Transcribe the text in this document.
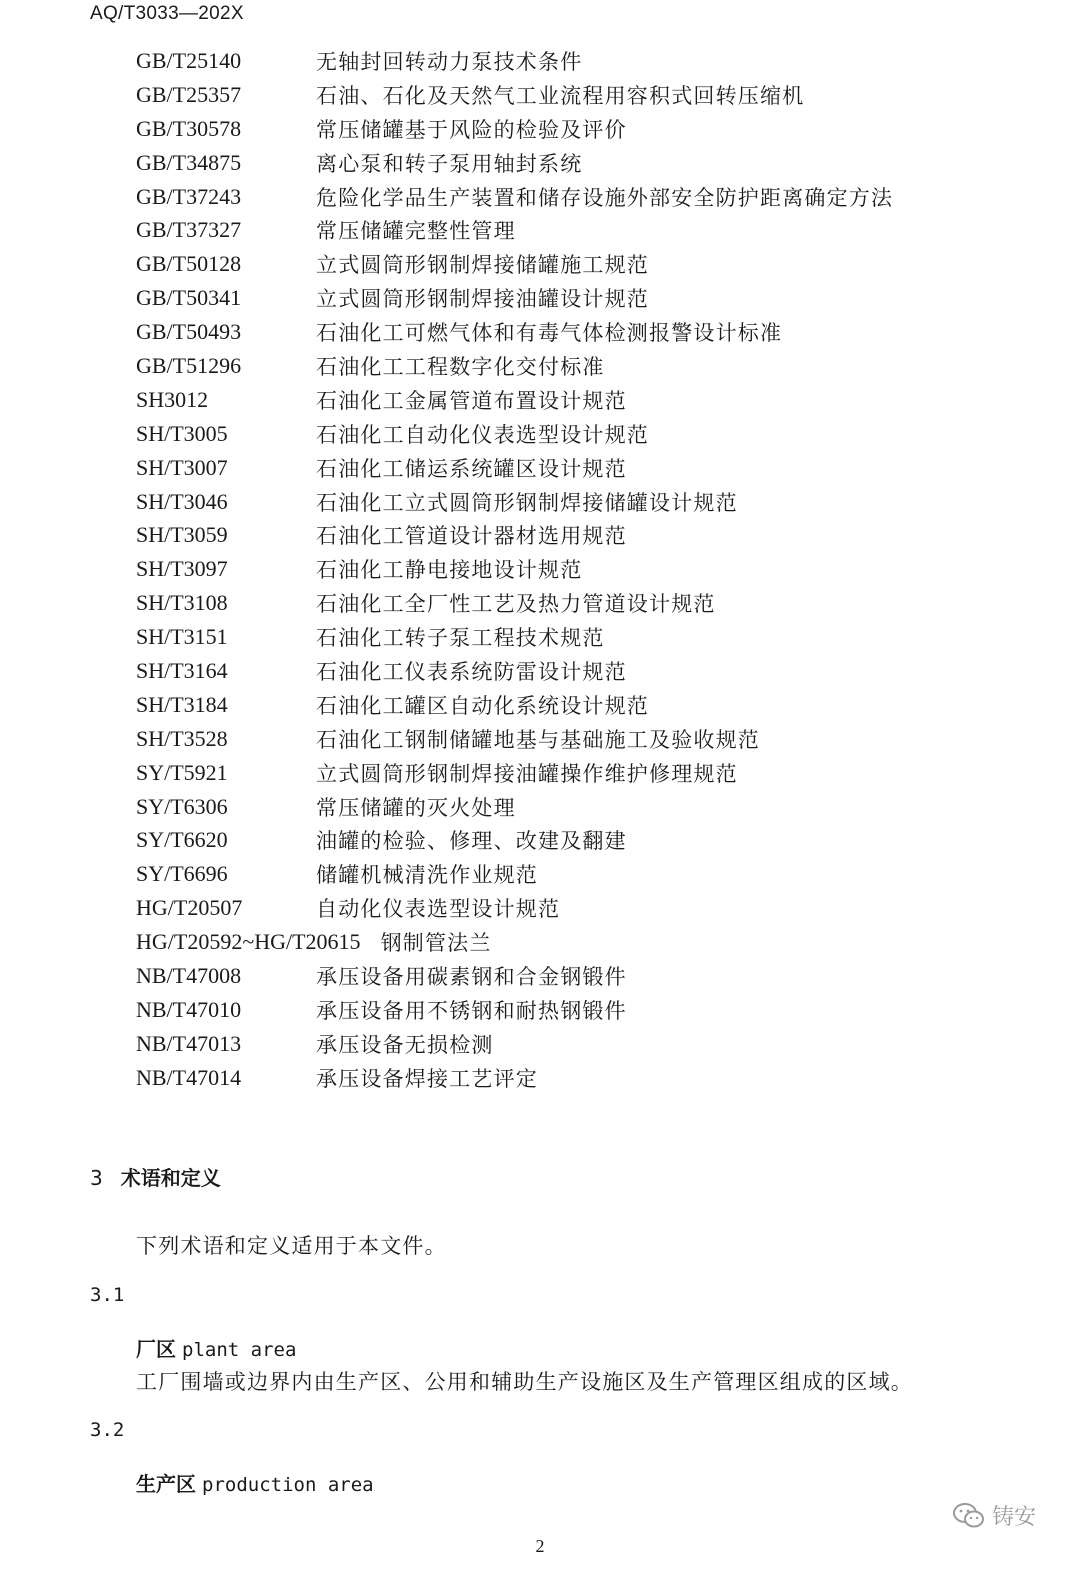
AQ/T3033—202X
GB/T25140	无轴封回转动力泵技术条件
GB/T25357	石油、石化及天然气工业流程用容积式回转压缩机
GB/T30578	常压储罐基于风险的检验及评价
GB/T34875	离心泵和转子泵用轴封系统
GB/T37243	危险化学品生产装置和储存设施外部安全防护距离确定方法
GB/T37327	常压储罐完整性管理
GB/T50128	立式圆筒形钢制焊接储罐施工规范
GB/T50341	立式圆筒形钢制焊接油罐设计规范
GB/T50493	石油化工可燃气体和有毒气体检测报警设计标准
GB/T51296	石油化工工程数字化交付标准
SH3012	石油化工金属管道布置设计规范
SH/T3005	石油化工自动化仪表选型设计规范
SH/T3007	石油化工储运系统罐区设计规范
SH/T3046	石油化工立式圆筒形钢制焊接储罐设计规范
SH/T3059	石油化工管道设计器材选用规范
SH/T3097	石油化工静电接地设计规范
SH/T3108	石油化工全厂性工艺及热力管道设计规范
SH/T3151	石油化工转子泵工程技术规范
SH/T3164	石油化工仪表系统防雷设计规范
SH/T3184	石油化工罐区自动化系统设计规范
SH/T3528	石油化工钢制储罐地基与基础施工及验收规范
SY/T5921	立式圆筒形钢制焊接油罐操作维护修理规范
SY/T6306	常压储罐的灭火处理
SY/T6620	油罐的检验、修理、改建及翻建
SY/T6696	储罐机械清洗作业规范
HG/T20507	自动化仪表选型设计规范
HG/T20592~HG/T20615 钢制管法兰
NB/T47008	承压设备用碳素钢和合金钢锻件
NB/T47010	承压设备用不锈钢和耐热钢锻件
NB/T47013	承压设备无损检测
NB/T47014	承压设备焊接工艺评定
3 术语和定义
下列术语和定义适用于本文件。
3.1
厂区 plant area
工厂围墙或边界内由生产区、公用和辅助生产设施区及生产管理区组成的区域。
3.2
生产区 production area
铸安
2
